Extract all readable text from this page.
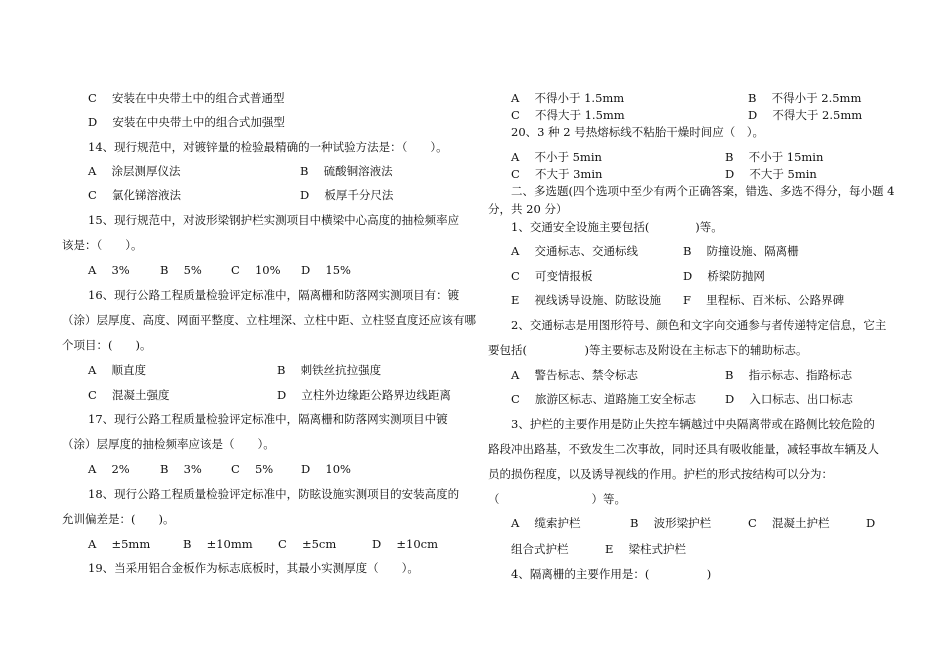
C　 安装在中央带土中的组合式普通型
D　 安装在中央带土中的组合式加强型
14、现行规范中，对镀锌量的检验最精确的一种试验方法是：（　　）。
A　 涂层测厚仪法	B　 硫酸铜溶液法
C　 氯化锑溶液法	D　 板厚千分尺法
15、现行规范中，对波形梁钢护栏实测项目中横梁中心高度的抽检频率应
该是：（　　）。
A　 3%	B　 5%	C　 10% D　 15%
16、现行公路工程质量检验评定标准中，隔离栅和防落网实测项目有：镀
（涂）层厚度、高度、网面平整度、立柱埋深、立柱中距、立柱竖直度还应该有哪
个项目：(　　)。
A　 顺直度	B　 刺铁丝抗拉强度
C　 混凝土强度	D　 立柱外边缘距公路界边线距离
17、现行公路工程质量检验评定标准中，隔离栅和防落网实测项目中镀
（涂）层厚度的抽检频率应该是（　　）。
A　 2%	B　 3%	C　 5% D　 10%
18、现行公路工程质量检验评定标准中，防眩设施实测项目的安装高度的
允训偏差是：(　　)。
A　 ±5mm	B　 ±10mm C　 ±5cm	D　 ±10cm
19、当采用铝合金板作为标志底板时，其最小实测厚度（　　）。
A　 不得小于 1.5mm	B　 不得小于 2.5mm
C　 不得大于 1.5mm	D　 不得大于 2.5mm
20、3 种 2 号热熔标线不粘胎干燥时间应（　）。
A　 不小于 5min	B　 不小于 15min
C　 不大于 3min	D　 不大于 5min
二、多选题(四个选项中至少有两个正确答案，错选、多选不得分，每小题 4
分，共 20 分）
1、交通安全设施主要包括(　　　　)等。
A　 交通标志、交通标线	B　 防撞设施、隔离栅
C　 可变情报板	D　 桥梁防抛网
E　 视线诱导设施、防眩设施 F　 里程标、百米标、公路界碑
2、交通标志是用图形符号、颜色和文字向交通参与者传递特定信息，它主
要包括(　　　　　)等主要标志及附设在主标志下的辅助标志。
A　 警告标志、禁令标志	B　 指示标志、指路标志
C　 旅游区标志、道路施工安全标志	D　 入口标志、出口标志
3、护栏的主要作用是防止失控车辆越过中央隔离带或在路侧比较危险的
路段冲出路基，不致发生二次事故，同时还具有吸收能量，减轻事故车辆及人
员的损伤程度，以及诱导视线的作用。护栏的形式按结构可以分为：
（　　　　　　　　）等。
A　 缆索护栏	B　 波形梁护栏	C　 混凝土护栏	D
组合式护栏	E　 梁柱式护栏
4、隔离栅的主要作用是：(　　　　　)
